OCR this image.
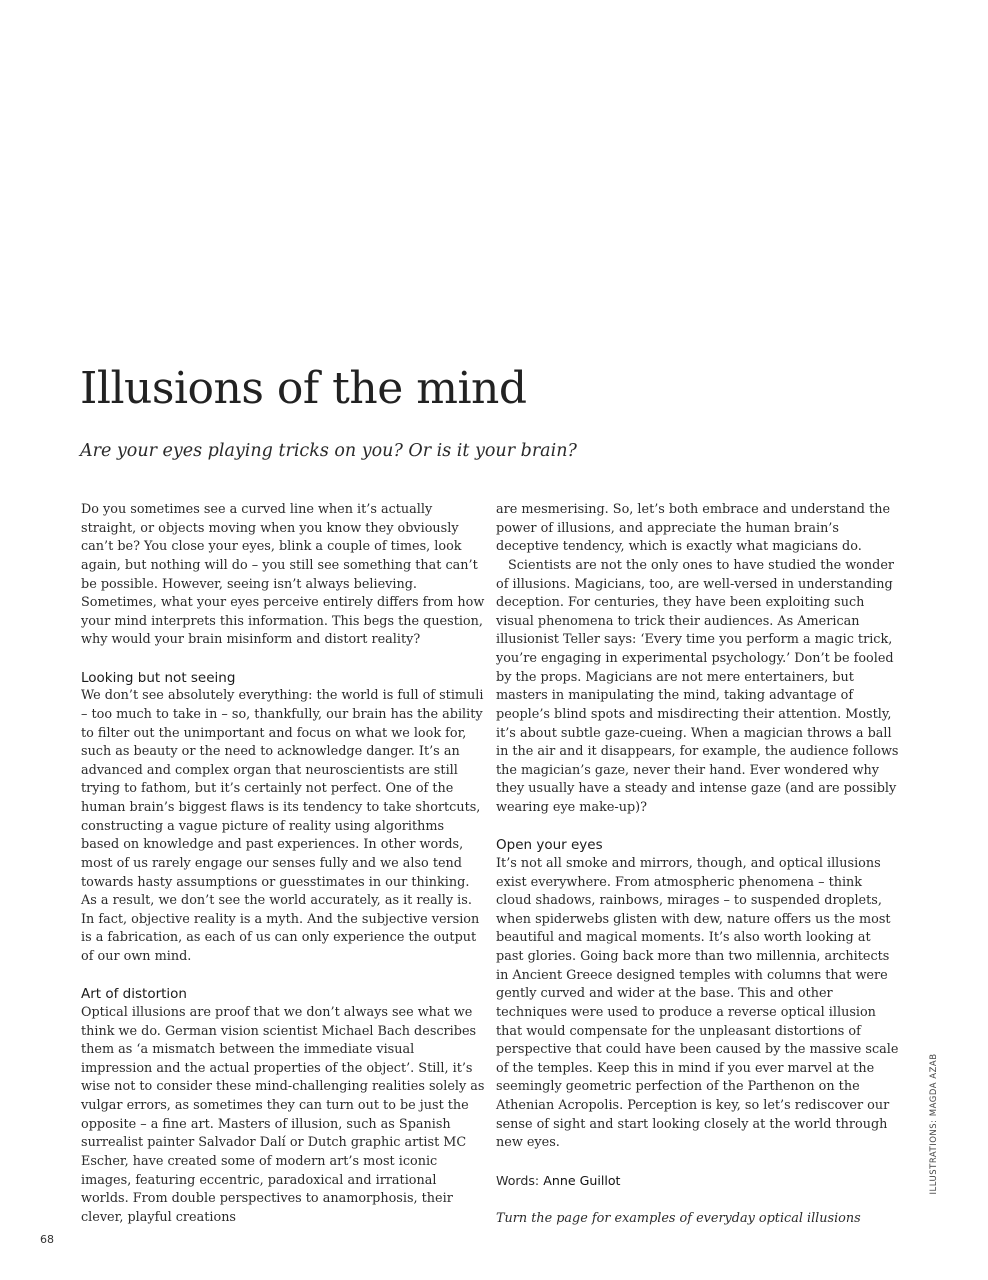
Illusions of the mind

Are your eyes playing tricks on you? Or is it your brain?

Do you sometimes see a curved line when it’s actually straight, or objects moving when you know they obviously can’t be? You close your eyes, blink a couple of times, look again, but nothing will do – you still see something that can’t be possible. However, seeing isn’t always believing. Sometimes, what your eyes perceive entirely differs from how your mind interprets this information. This begs the question, why would your brain misinform and distort reality?

Looking but not seeing

We don’t see absolutely everything: the world is full of stimuli – too much to take in – so, thankfully, our brain has the ability to filter out the unimportant and focus on what we look for, such as beauty or the need to acknowledge danger. It’s an advanced and complex organ that neuroscientists are still trying to fathom, but it’s certainly not perfect. One of the human brain’s biggest flaws is its tendency to take shortcuts, constructing a vague picture of reality using algorithms based on knowledge and past experiences. In other words, most of us rarely engage our senses fully and we also tend towards hasty assumptions or guesstimates in our thinking. As a result, we don’t see the world accurately, as it really is. In fact, objective reality is a myth. And the subjective version is a fabrication, as each of us can only experience the output of our own mind.

Art of distortion

Optical illusions are proof that we don’t always see what we think we do. German vision scientist Michael Bach describes them as ‘a mismatch between the immediate visual impression and the actual properties of the object’. Still, it’s wise not to consider these mind-challenging realities solely as vulgar errors, as sometimes they can turn out to be just the opposite – a fine art. Masters of illusion, such as Spanish surrealist painter Salvador Dalí or Dutch graphic artist MC Escher, have created some of modern art’s most iconic images, featuring eccentric, paradoxical and irrational worlds. From double perspectives to anamorphosis, their clever, playful creations

are mesmerising. So, let’s both embrace and understand the power of illusions, and appreciate the human brain’s deceptive tendency, which is exactly what magicians do.

Scientists are not the only ones to have studied the wonder of illusions. Magicians, too, are well-versed in understanding deception. For centuries, they have been exploiting such visual phenomena to trick their audiences. As American illusionist Teller says: ‘Every time you perform a magic trick, you’re engaging in experimental psychology.’ Don’t be fooled by the props. Magicians are not mere entertainers, but masters in manipulating the mind, taking advantage of people’s blind spots and misdirecting their attention. Mostly, it’s about subtle gaze-cueing. When a magician throws a ball in the air and it disappears, for example, the audience follows the magician’s gaze, never their hand. Ever wondered why they usually have a steady and intense gaze (and are possibly wearing eye make-up)?

Open your eyes

It’s not all smoke and mirrors, though, and optical illusions exist everywhere. From atmospheric phenomena – think cloud shadows, rainbows, mirages – to suspended droplets, when spiderwebs glisten with dew, nature offers us the most beautiful and magical moments. It’s also worth looking at past glories. Going back more than two millennia, architects in Ancient Greece designed temples with columns that were gently curved and wider at the base. This and other techniques were used to produce a reverse optical illusion that would compensate for the unpleasant distortions of perspective that could have been caused by the massive scale of the temples. Keep this in mind if you ever marvel at the seemingly geometric perfection of the Parthenon on the Athenian Acropolis. Perception is key, so let’s rediscover our sense of sight and start looking closely at the world through new eyes.

Words: Anne Guillot

Turn the page for examples of everyday optical illusions

ILLUSTRATIONS: MAGDA AZAB
68
